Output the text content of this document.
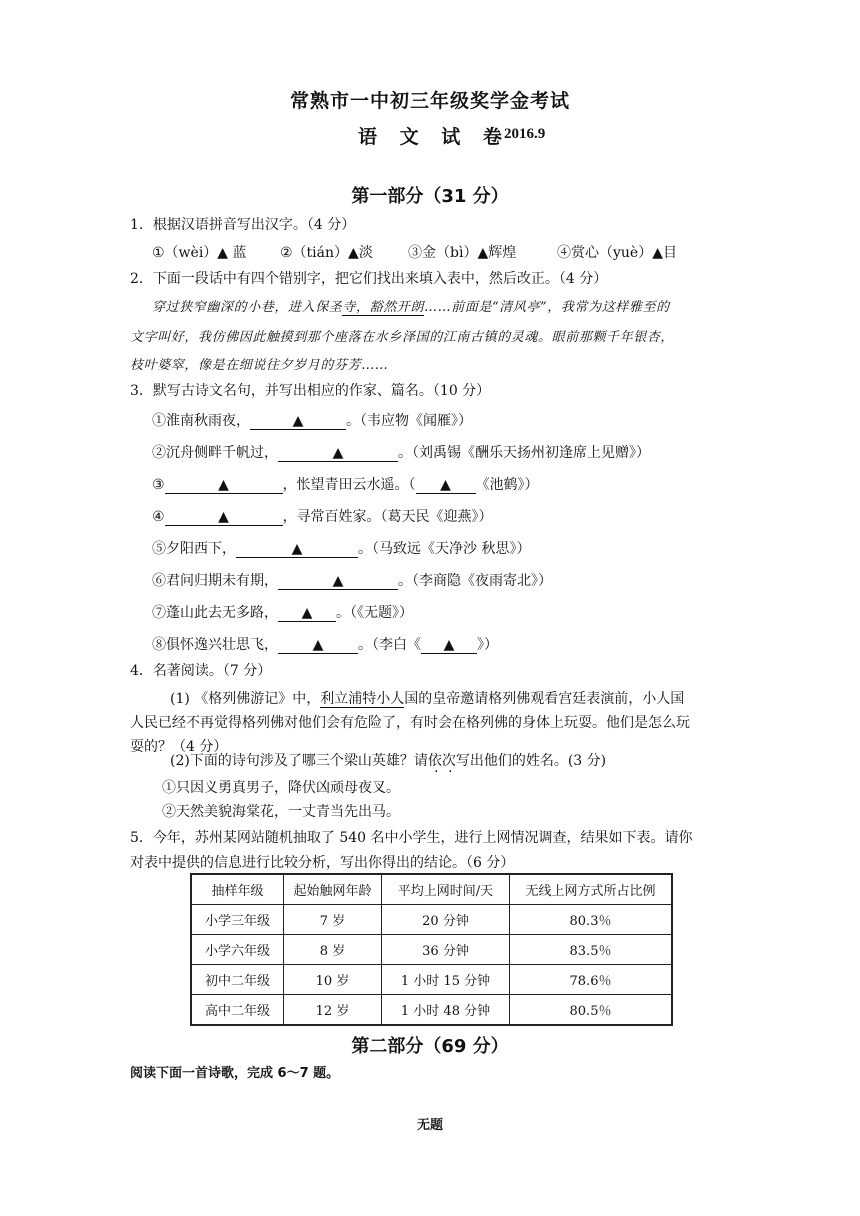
常熟市一中初三年级奖学金考试
语 文 试 卷
2016.9
第一部分（31 分）
1．根据汉语拼音写出汉字。（4 分）
①（wèi）▲ 蓝 ②（tián）▲淡	③金（bì）▲辉煌	④赏心（yuè）▲目
2．下面一段话中有四个错别字，把它们找出来填入表中，然后改正。（4 分）
穿过狭窄幽深的小巷，进入保圣寺，豁然开朗……前面是“清风亭”，我常为这样雅至的
文字叫好，我仿佛因此触摸到那个座落在水乡泽国的江南古镇的灵魂。眼前那颗千年银杏，
枝叶婆窣，像是在细说往夕岁月的芬芳……
3．默写古诗文名句，并写出相应的作家、篇名。（10 分）
①淮南秋雨夜，	▲	。（韦应物《闻雁》）
②沉舟侧畔千帆过，	▲	。（刘禹锡《酬乐天扬州初逢席上见赠》）
③	▲	，怅望青田云水遥。（ ▲ 《池鹤》）
④	▲	，寻常百姓家。（葛天民《迎燕》）
⑤夕阳西下，	▲	。（马致远《天净沙 秋思》）
⑥君问归期未有期，	▲	。（李商隐《夜雨寄北》）
⑦蓬山此去无多路， ▲ 。（《无题》）
⑧俱怀逸兴壮思飞， ▲ 。（李白《 ▲ 》）
4．名著阅读。（7 分）
(1) 《格列佛游记》中，利立浦特小人国的皇帝邀请格列佛观看宫廷表演前，小人国
人民已经不再觉得格列佛对他们会有危险了，有时会在格列佛的身体上玩耍。他们是怎么玩
耍的？（4 分）
(2)下面的诗句涉及了哪三个梁山英雄？请依次写出他们的姓名。(3 分)
①只因义勇真男子，降伏凶顽母夜叉。
②天然美貌海棠花，一丈青当先出马。
5．今年，苏州某网站随机抽取了 540 名中小学生，进行上网情况调查，结果如下表。请你
对表中提供的信息进行比较分析，写出你得出的结论。（6 分）
抽样年级	起始触网年龄	平均上网时间/天	无线上网方式所占比例
小学三年级	7 岁	20 分钟	80.3％
小学六年级	8 岁	36 分钟	83.5％
初中二年级	10 岁	1 小时 15 分钟	78.6％
高中二年级	12 岁	1 小时 48 分钟	80.5％
第二部分（69 分）
阅读下面一首诗歌，完成 6～7 题。
无题
